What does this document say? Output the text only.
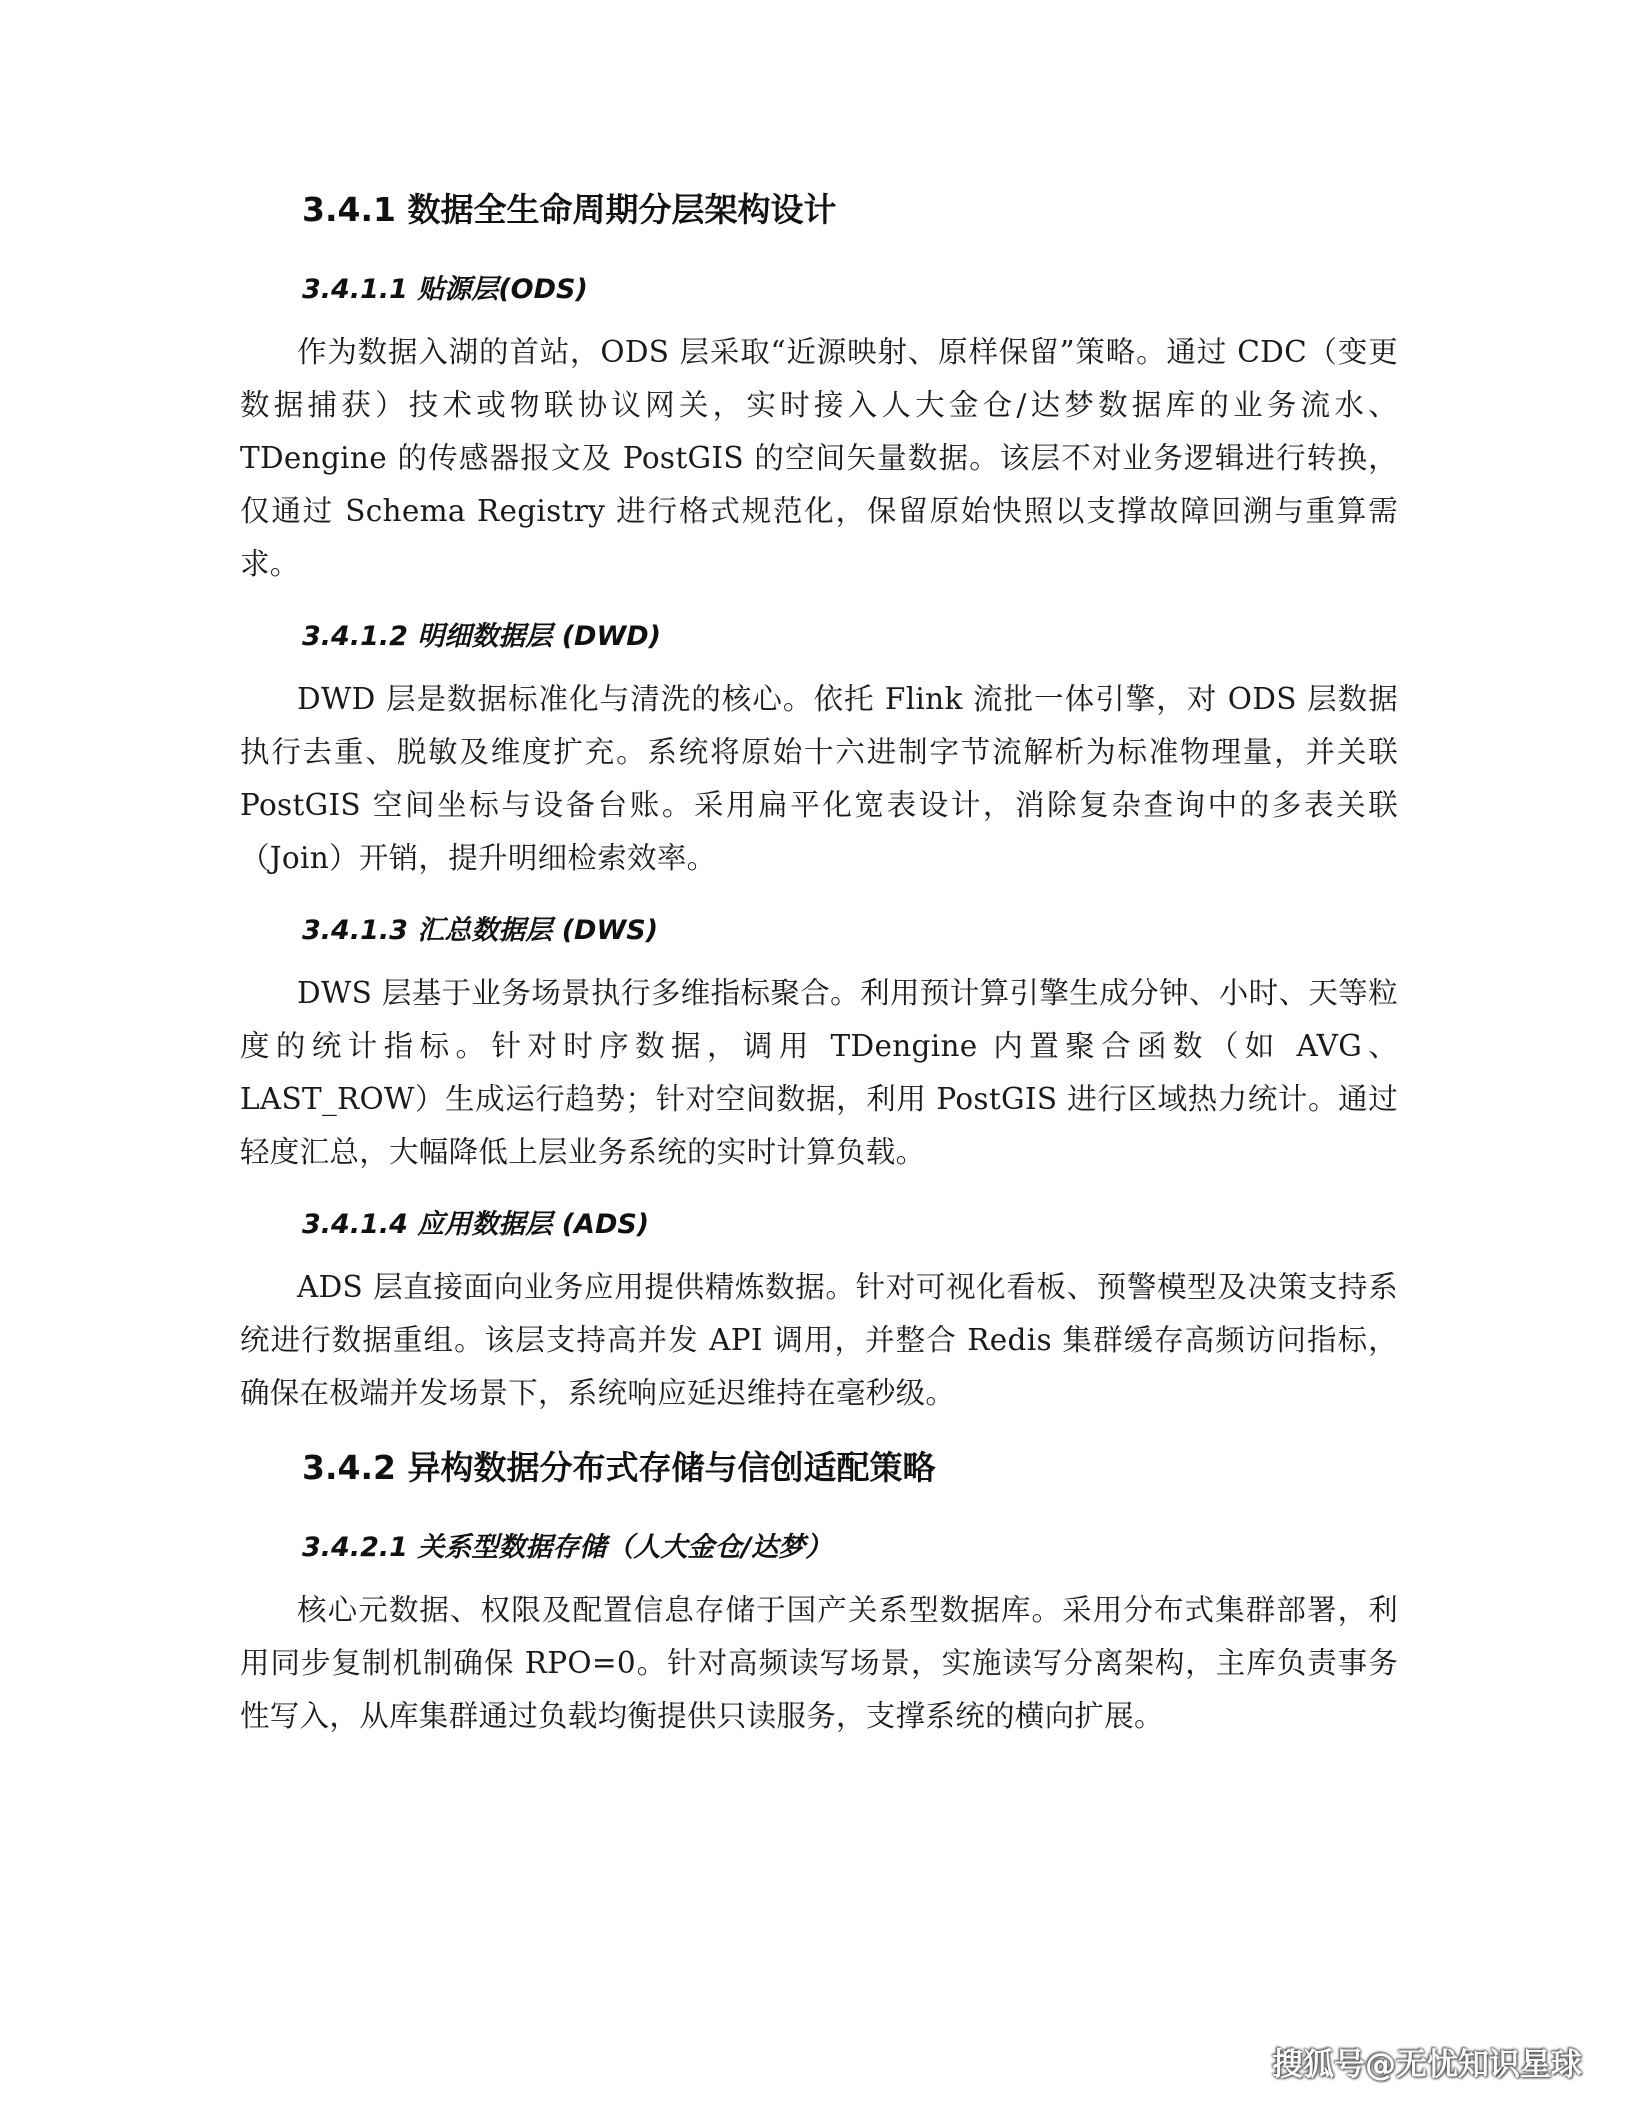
3.4.1 数据全生命周期分层架构设计
3.4.1.1 贴源层(ODS)

作为数据入湖的首站，ODS 层采取“近源映射、原样保留”策略。通过 CDC（变更数据捕获）技术或物联协议网关，实时接入人大金仓/达梦数据库的业务流水、TDengine 的传感器报文及 PostGIS 的空间矢量数据。该层不对业务逻辑进行转换，仅通过 Schema Registry 进行格式规范化，保留原始快照以支撑故障回溯与重算需求。

3.4.1.2 明细数据层 (DWD)

DWD 层是数据标准化与清洗的核心。依托 Flink 流批一体引擎，对 ODS 层数据执行去重、脱敏及维度扩充。系统将原始十六进制字节流解析为标准物理量，并关联 PostGIS 空间坐标与设备台账。采用扁平化宽表设计，消除复杂查询中的多表关联（Join）开销，提升明细检索效率。

3.4.1.3 汇总数据层 (DWS)

DWS 层基于业务场景执行多维指标聚合。利用预计算引擎生成分钟、小时、天等粒度的统计指标。针对时序数据，调用 TDengine 内置聚合函数（如 AVG、LAST_ROW）生成运行趋势；针对空间数据，利用 PostGIS 进行区域热力统计。通过轻度汇总，大幅降低上层业务系统的实时计算负载。

3.4.1.4 应用数据层 (ADS)

ADS 层直接面向业务应用提供精炼数据。针对可视化看板、预警模型及决策支持系统进行数据重组。该层支持高并发 API 调用，并整合 Redis 集群缓存高频访问指标，确保在极端并发场景下，系统响应延迟维持在毫秒级。

3.4.2 异构数据分布式存储与信创适配策略
3.4.2.1 关系型数据存储（人大金仓/达梦）

核心元数据、权限及配置信息存储于国产关系型数据库。采用分布式集群部署，利用同步复制机制确保 RPO=0。针对高频读写场景，实施读写分离架构，主库负责事务性写入，从库集群通过负载均衡提供只读服务，支撑系统的横向扩展。

搜狐号@无忧知识星球
